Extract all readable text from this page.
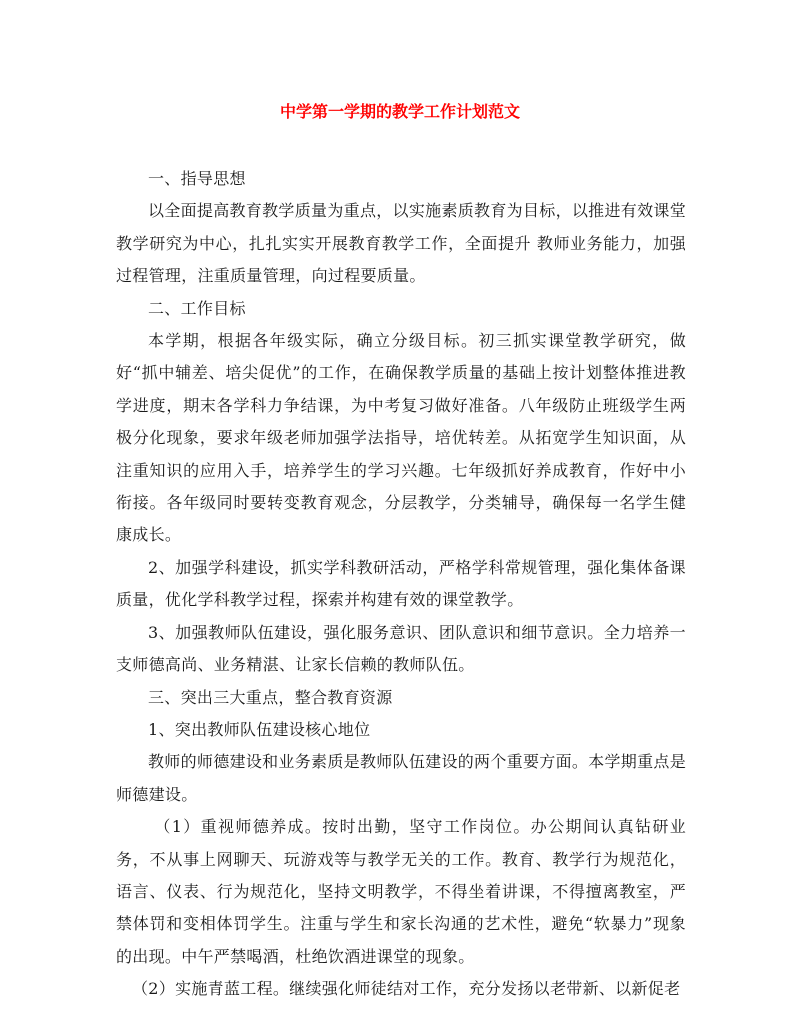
中学第一学期的教学工作计划范文

一、指导思想

以全面提高教育教学质量为重点，以实施素质教育为目标，以推进有效课堂教学研究为中心，扎扎实实开展教育教学工作，全面提升 教师业务能力，加强过程管理，注重质量管理，向过程要质量。

二、工作目标

本学期，根据各年级实际，确立分级目标。初三抓实课堂教学研究，做好“抓中辅差、培尖促优”的工作，在确保教学质量的基础上按计划整体推进教学进度，期末各学科力争结课，为中考复习做好准备。八年级防止班级学生两极分化现象，要求年级老师加强学法指导，培优转差。从拓宽学生知识面，从注重知识的应用入手，培养学生的学习兴趣。七年级抓好养成教育，作好中小衔接。各年级同时要转变教育观念，分层教学，分类辅导，确保每一名学生健康成长。

2、加强学科建设，抓实学科教研活动，严格学科常规管理，强化集体备课质量，优化学科教学过程，探索并构建有效的课堂教学。

3、加强教师队伍建设，强化服务意识、团队意识和细节意识。全力培养一支师德高尚、业务精湛、让家长信赖的教师队伍。

三、突出三大重点，整合教育资源

1、突出教师队伍建设核心地位

教师的师德建设和业务素质是教师队伍建设的两个重要方面。本学期重点是师德建设。

（1）重视师德养成。按时出勤，坚守工作岗位。办公期间认真钻研业务，不从事上网聊天、玩游戏等与教学无关的工作。教育、教学行为规范化，语言、仪表、行为规范化，坚持文明教学，不得坐着讲课，不得擅离教室，严禁体罚和变相体罚学生。注重与学生和家长沟通的艺术性，避免“软暴力”现象的出现。中午严禁喝酒，杜绝饮酒进课堂的现象。

（2）实施青蓝工程。继续强化师徒结对工作，充分发扬以老带新、以新促老
